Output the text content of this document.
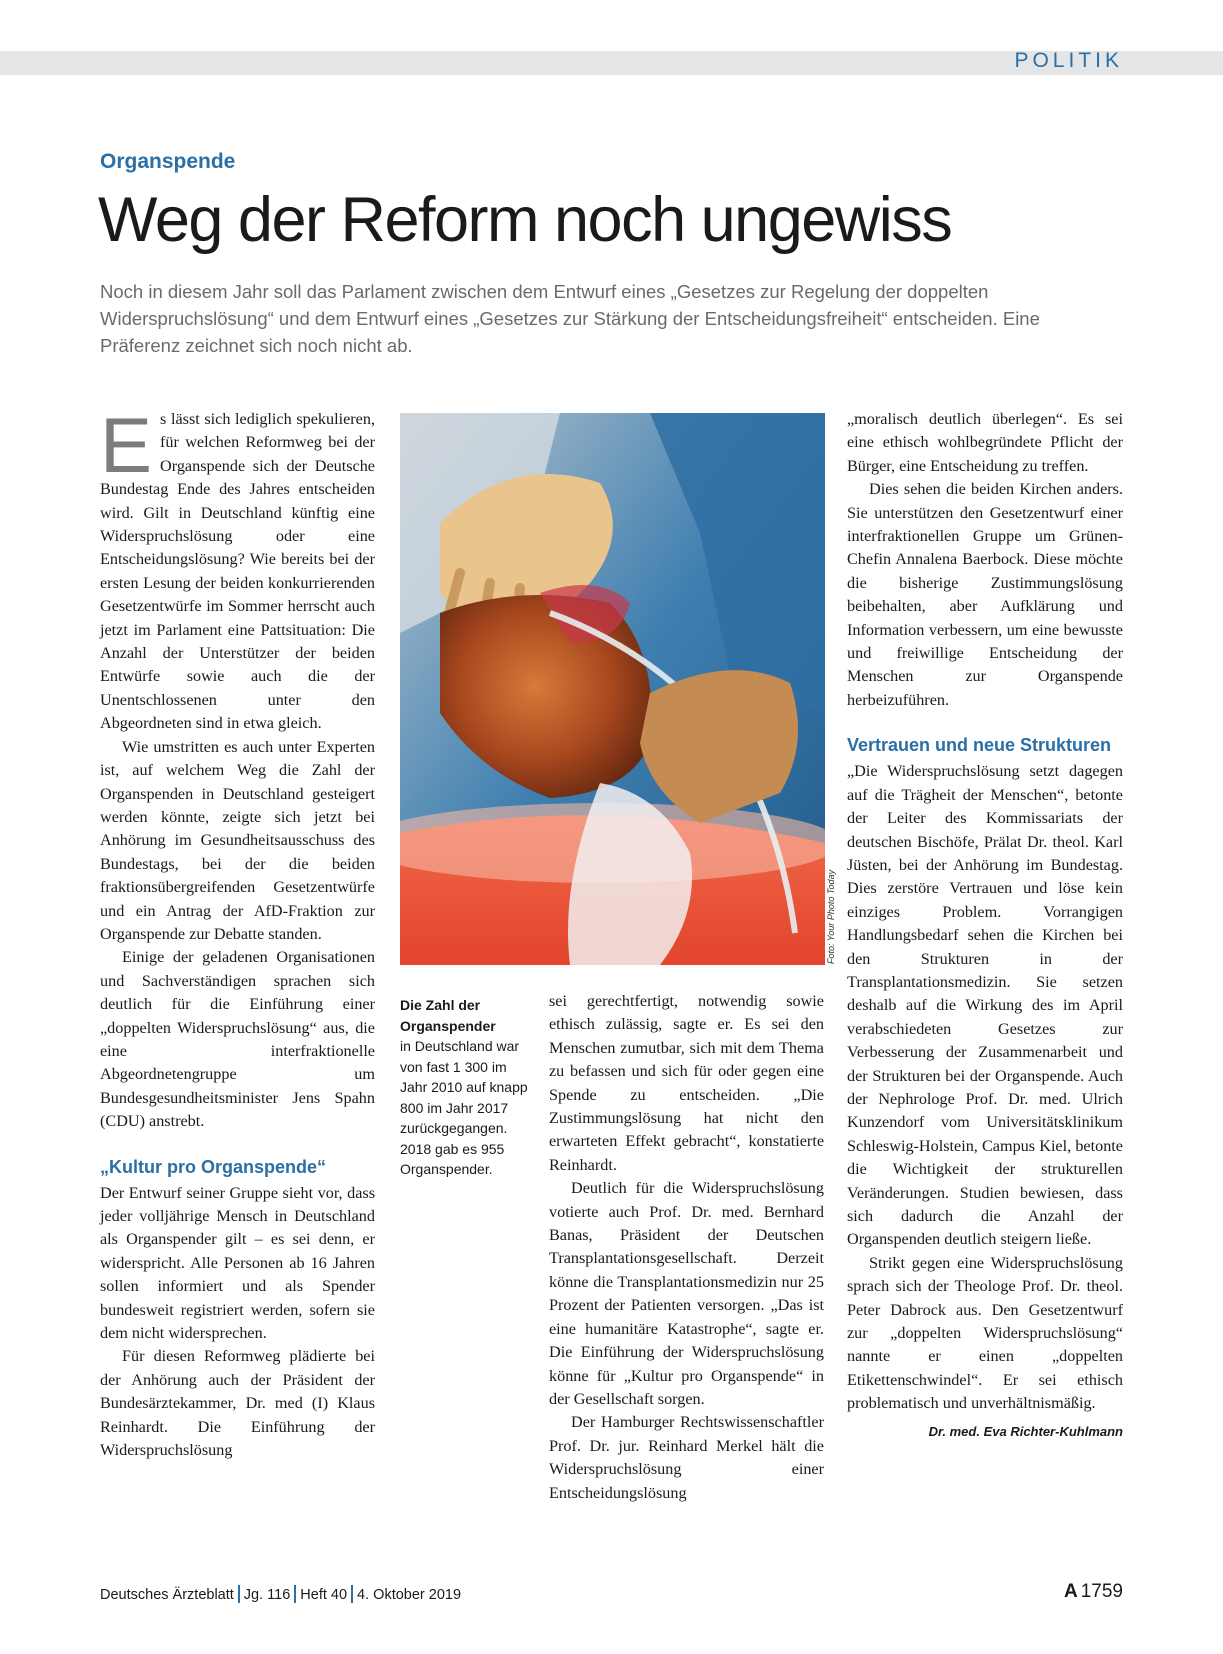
POLITIK
Organspende
Weg der Reform noch ungewiss

Noch in diesem Jahr soll das Parlament zwischen dem Entwurf eines „Gesetzes zur Regelung der doppelten Widerspruchslösung“ und dem Entwurf eines „Gesetzes zur Stärkung der Entscheidungsfreiheit“ entscheiden. Eine Präferenz zeichnet sich noch nicht ab.

E s lässt sich lediglich spekulieren, für welchen Reformweg bei der Organspende sich der Deutsche Bundestag Ende des Jahres entscheiden wird. Gilt in Deutschland künftig eine Widerspruchslösung oder eine Entscheidungslösung? Wie bereits bei der ersten Lesung der beiden konkurrierenden Gesetzentwürfe im Sommer herrscht auch jetzt im Parlament eine Pattsituation: Die Anzahl der Unterstützer der beiden Entwürfe sowie auch die der Unentschlossenen unter den Abgeordneten sind in etwa gleich.

Wie umstritten es auch unter Experten ist, auf welchem Weg die Zahl der Organspenden in Deutschland gesteigert werden könnte, zeigte sich jetzt bei Anhörung im Gesundheitsausschuss des Bundestags, bei der die beiden fraktionsübergreifenden Gesetzentwürfe und ein Antrag der AfD-Fraktion zur Organspende zur Debatte standen.

Einige der geladenen Organisationen und Sachverständigen sprachen sich deutlich für die Einführung einer „doppelten Widerspruchslösung“ aus, die eine interfraktionelle Abgeordnetengruppe um Bundesgesundheitsminister Jens Spahn (CDU) anstrebt.

„Kultur pro Organspende“

Der Entwurf seiner Gruppe sieht vor, dass jeder volljährige Mensch in Deutschland als Organspender gilt – es sei denn, er widerspricht. Alle Personen ab 16 Jahren sollen informiert und als Spender bundesweit registriert werden, sofern sie dem nicht widersprechen.

Für diesen Reformweg plädierte bei der Anhörung auch der Präsident der Bundesärztekammer, Dr. med (I) Klaus Reinhardt. Die Einführung der Widerspruchslösung

Foto: Your Photo Today
Die Zahl der Organspender
in Deutschland war von fast 1 300 im Jahr 2010 auf knapp 800 im Jahr 2017 zurückgegangen. 2018 gab es 955 Organspender.

sei gerechtfertigt, notwendig sowie ethisch zulässig, sagte er. Es sei den Menschen zumutbar, sich mit dem Thema zu befassen und sich für oder gegen eine Spende zu entscheiden. „Die Zustimmungslösung hat nicht den erwarteten Effekt gebracht“, konstatierte Reinhardt.

Deutlich für die Widerspruchslösung votierte auch Prof. Dr. med. Bernhard Banas, Präsident der Deutschen Transplantationsgesellschaft. Derzeit könne die Transplantationsmedizin nur 25 Prozent der Patienten versorgen. „Das ist eine humanitäre Katastrophe“, sagte er. Die Einführung der Widerspruchslösung könne für „Kultur pro Organspende“ in der Gesellschaft sorgen.

Der Hamburger Rechtswissenschaftler Prof. Dr. jur. Reinhard Merkel hält die Widerspruchslösung einer Entscheidungslösung

„moralisch deutlich überlegen“. Es sei eine ethisch wohlbegründete Pflicht der Bürger, eine Entscheidung zu treffen.

Dies sehen die beiden Kirchen anders. Sie unterstützen den Gesetzentwurf einer interfraktionellen Gruppe um Grünen-Chefin Annalena Baerbock. Diese möchte die bisherige Zustimmungslösung beibehalten, aber Aufklärung und Information verbessern, um eine bewusste und freiwillige Entscheidung der Menschen zur Organspende herbeizuführen.

Vertrauen und neue Strukturen

„Die Widerspruchslösung setzt dagegen auf die Trägheit der Menschen“, betonte der Leiter des Kommissariats der deutschen Bischöfe, Prälat Dr. theol. Karl Jüsten, bei der Anhörung im Bundestag. Dies zerstöre Vertrauen und löse kein einziges Problem. Vorrangigen Handlungsbedarf sehen die Kirchen bei den Strukturen in der Transplantationsmedizin. Sie setzen deshalb auf die Wirkung des im April verabschiedeten Gesetzes zur Verbesserung der Zusammenarbeit und der Strukturen bei der Organspende. Auch der Nephrologe Prof. Dr. med. Ulrich Kunzendorf vom Universitätsklinikum Schleswig-Holstein, Campus Kiel, betonte die Wichtigkeit der strukturellen Veränderungen. Studien bewiesen, dass sich dadurch die Anzahl der Organspenden deutlich steigern ließe.

Strikt gegen eine Widerspruchslösung sprach sich der Theologe Prof. Dr. theol. Peter Dabrock aus. Den Gesetzentwurf zur „doppelten Widerspruchslösung“ nannte er einen „doppelten Etikettenschwindel“. Er sei ethisch problematisch und unverhältnismäßig.

Dr. med. Eva Richter-Kuhlmann
Deutsches Ärzteblatt Jg. 116 Heft 40 4. Oktober 2019	A 1759
